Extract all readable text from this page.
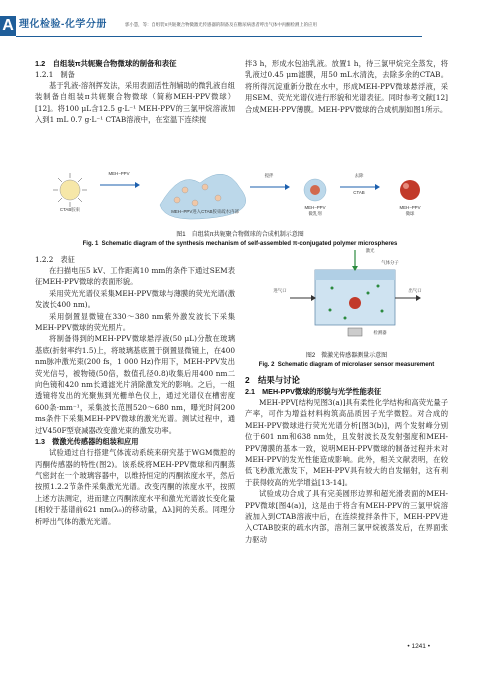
A 理化检验-化学分册	郭小慧，等：自组装π共轭聚合物微激光传感器的制备及在糖尿病患者呼出气体中丙酮检测上的应用
1.2　自组装π共轭聚合物微球的制备和表征
1.2.1　制备

基于乳液-溶剂挥发法，采用表面活性剂辅助的微乳液自组装制备自组装π共轭聚合物微球（简称MEH-PPV微球）[12]。将100 μL含12.5 g·L⁻¹ MEH-PPV的三氯甲烷溶液加入到1 mL 0.7 g·L⁻¹ CTAB溶液中，在室温下连续搅

拌3 h，形成水包油乳液。放置1 h，待三氯甲烷完全蒸发，将乳液过0.45 μm滤膜，用50 mL水清洗，去除多余的CTAB。将所得沉淀重新分散在水中，形成MEH-PPV微球悬浮液，采用SEM、荧光光谱仪进行形貌和光谱表征。同时参考文献[12]合成MEH-PPV薄膜。MEH-PPV微球的合成机制如图1所示。

MEH−PPV	搅拌	去除
CTAB
CTAB胶束	MEH−PPV进入CTAB胶束疏水内部
MEH−PPV
微乳剂
MEH−PPV
微球
图1　自组装π共轭聚合物微球的合成机制示意图
Fig. 1 Schematic diagram of the synthesis mechanism of self-assembled π-conjugated polymer microspheres
1.2.2　表征

在扫描电压5 kV、工作距离10 mm的条件下通过SEM表征MEH-PPV微球的表面形貌。

采用荧光光谱仪采集MEH-PPV微球与薄膜的荧光光谱(激发波长400 nm)。

采用倒置显微镜在330～380 nm紫外激发波长下采集MEH-PPV微球的荧光照片。

将制备得到的MEH-PPV微球悬浮液(50 μL)分散在玻璃基底(折射率约1.5)上，将玻璃基底置于倒置显微镜上，在400 nm脉冲激光束(200 fs，1 000 Hz)作用下，MEH-PPV发出荧光信号，被物镜(50倍，数值孔径0.8)收集后用400 nm二向色镜和420 nm长通滤光片消除激发光的影响。之后，一组透镜将发出的光聚焦到光栅单色仪上，通过光谱仪在槽密度600条·mm⁻¹，采集波长范围520～680 nm，曝光时间200 ms条件下采集MEH-PPV微球的激光光谱。测试过程中，通过V450F型衰减器改变激光束的激发功率。

1.3　微激光传感器的组装和应用

试验通过自行搭建气体流动系统来研究基于WGM微腔的丙酮传感器的特性(图2)。该系统将MEH-PPV微球和丙酮蒸气密封在一个玻璃容器中，以维持恒定的丙酮浓度水平，然后按照1.2.2节条件采集激光光谱。改变丙酮的浓度水平，按照上述方法测定，进而建立丙酮浓度水平和激光光谱波长变化量[相较于基谱前621 nm(λ₀)的移动量，Δλ]间的关系。同理分析呼出气体的激光光谱。

激光
气体分子
进气口	出气口
检测器
图2　微激光传感器测量示意图
Fig. 2 Schematic diagram of microlaser sensor measurement
2　结果与讨论
2.1　MEH-PPV微球的形貌与光学性能表征

MEH-PPV[结构见图3(a)]具有柔性化学结构和高荧光量子产率，可作为增益材料构筑高品质因子光学微腔。对合成的MEH-PPV微球进行荧光光谱分析[图3(b)]，两个发射峰分别位于601 nm和638 nm处，且发射波长及发射强度和MEH-PPV薄膜的基本一致，说明MEH-PPV微球的制备过程并未对MEH-PPV的发光性能造成影响。此外，相关文献表明，在较低飞秒激光激发下，MEH-PPV具有较大的自发辐射，这有利于获得较高的光学增益[13-14]。

试验成功合成了具有完美圆形边界和超光滑表面的MEH-PPV微球[图4(a)]，这是由于将含有MEH-PPV的三氯甲烷溶液加入到CTAB溶液中后，在连续搅拌条件下，MEH-PPV进入CTAB胶束的疏水内部，溶剂三氯甲烷被蒸发后，在界面张力驱动

• 1241 •
